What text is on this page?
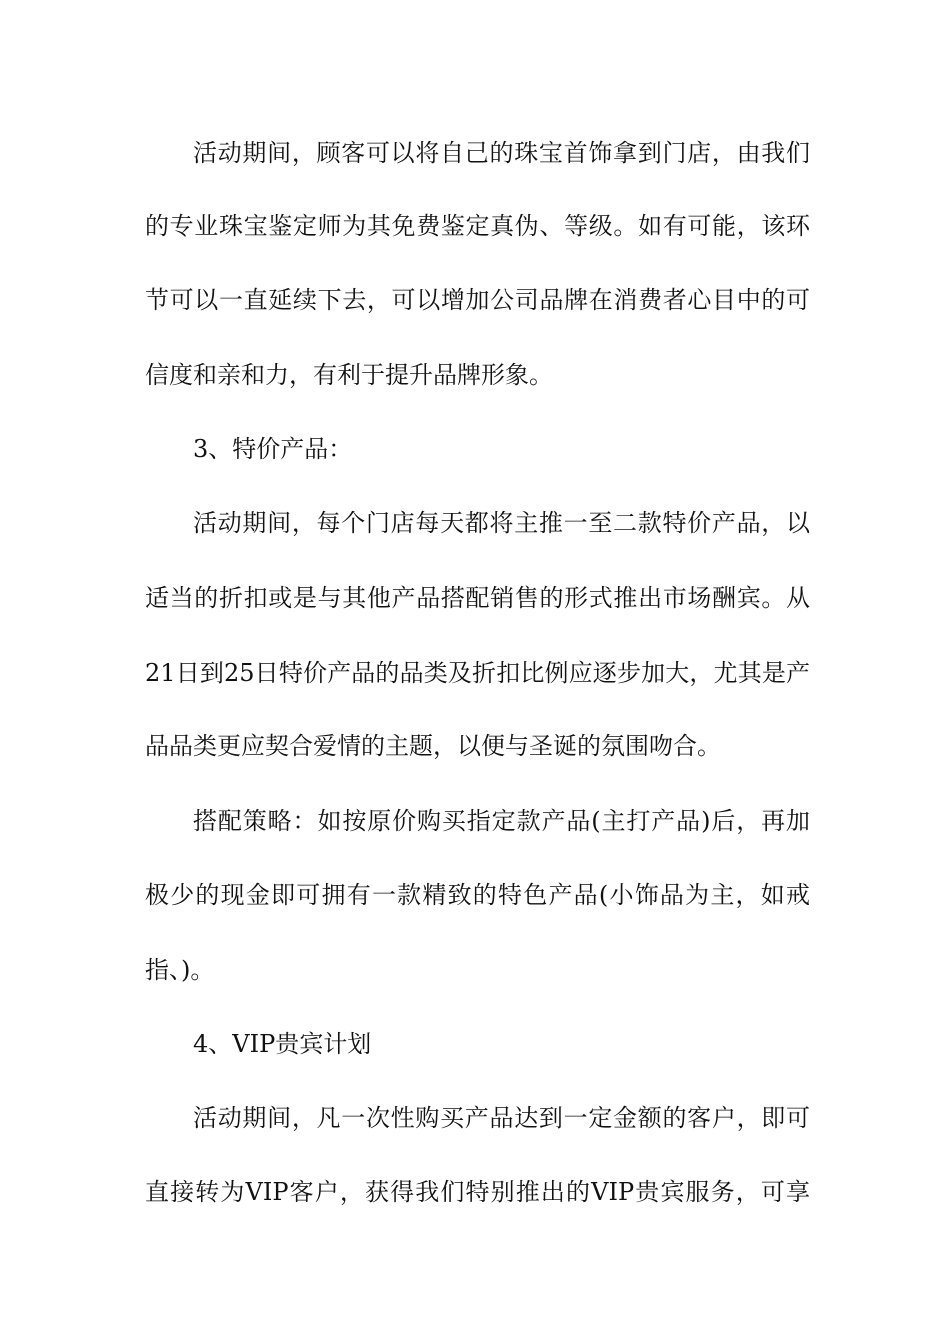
活动期间，顾客可以将自己的珠宝首饰拿到门店，由我们
的专业珠宝鉴定师为其免费鉴定真伪、等级。如有可能，该环
节可以一直延续下去，可以增加公司品牌在消费者心目中的可
信度和亲和力，有利于提升品牌形象。
3、特价产品：
活动期间，每个门店每天都将主推一至二款特价产品，以
适当的折扣或是与其他产品搭配销售的形式推出市场酬宾。从
21日到25日特价产品的品类及折扣比例应逐步加大，尤其是产
品品类更应契合爱情的主题，以便与圣诞的氛围吻合。
搭配策略：如按原价购买指定款产品(主打产品)后，再加
极少的现金即可拥有一款精致的特色产品(小饰品为主，如戒
指、)。
4、VIP贵宾计划
活动期间，凡一次性购买产品达到一定金额的客户，即可
直接转为VIP客户，获得我们特别推出的VIP贵宾服务，可享
